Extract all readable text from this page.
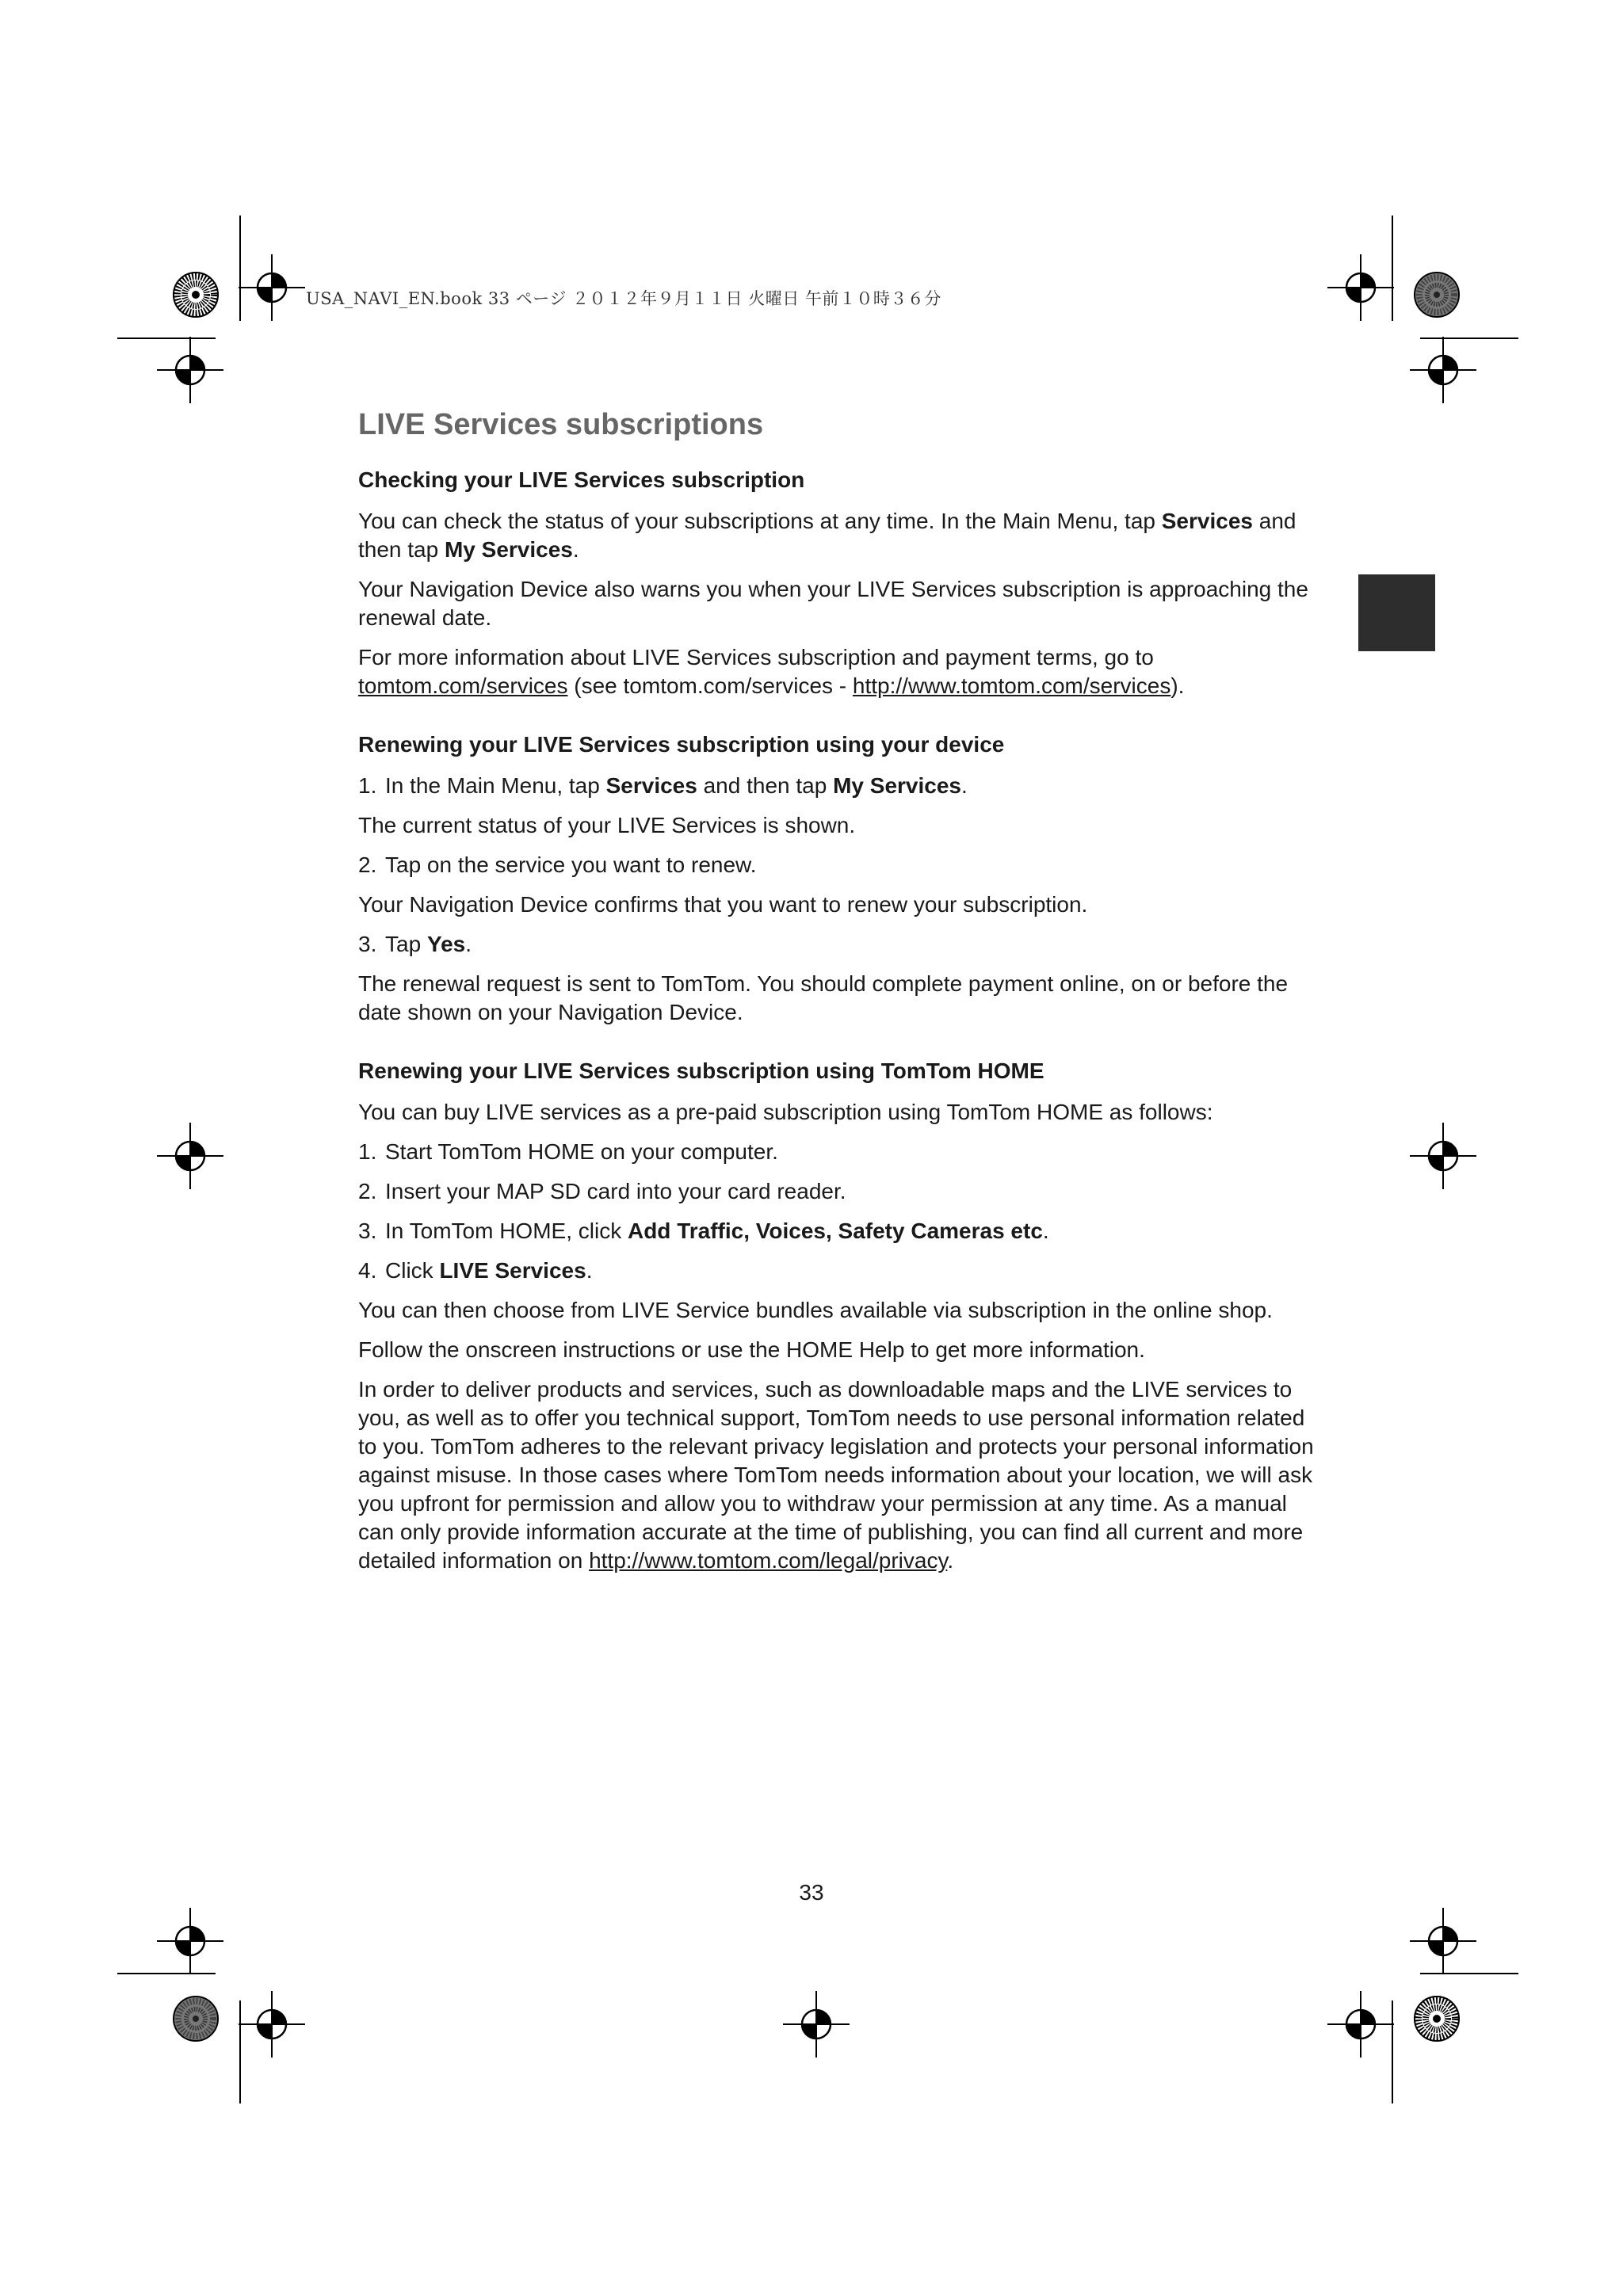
USA_NAVI_EN.book 33 ページ ２０１２年９月１１日 火曜日 午前１０時３６分
LIVE Services subscriptions
Checking your LIVE Services subscription

You can check the status of your subscriptions at any time. In the Main Menu, tap Services and then tap My Services.

Your Navigation Device also warns you when your LIVE Services subscription is approaching the renewal date.

For more information about LIVE Services subscription and payment terms, go to tomtom.com/services (see tomtom.com/services - http://www.tomtom.com/services).

Renewing your LIVE Services subscription using your device
1. In the Main Menu, tap Services and then tap My Services.

The current status of your LIVE Services is shown.

2. Tap on the service you want to renew.

Your Navigation Device confirms that you want to renew your subscription.

3. Tap Yes.

The renewal request is sent to TomTom. You should complete payment online, on or before the date shown on your Navigation Device.

Renewing your LIVE Services subscription using TomTom HOME

You can buy LIVE services as a pre-paid subscription using TomTom HOME as follows:

1. Start TomTom HOME on your computer.
2. Insert your MAP SD card into your card reader.
3. In TomTom HOME, click Add Traffic, Voices, Safety Cameras etc.
4. Click LIVE Services.

You can then choose from LIVE Service bundles available via subscription in the online shop.

Follow the onscreen instructions or use the HOME Help to get more information.

In order to deliver products and services, such as downloadable maps and the LIVE services to you, as well as to offer you technical support, TomTom needs to use personal information related to you. TomTom adheres to the relevant privacy legislation and protects your personal information against misuse. In those cases where TomTom needs information about your location, we will ask you upfront for permission and allow you to withdraw your permission at any time. As a manual can only provide information accurate at the time of publishing, you can find all current and more detailed information on http://www.tomtom.com/legal/privacy.

33
